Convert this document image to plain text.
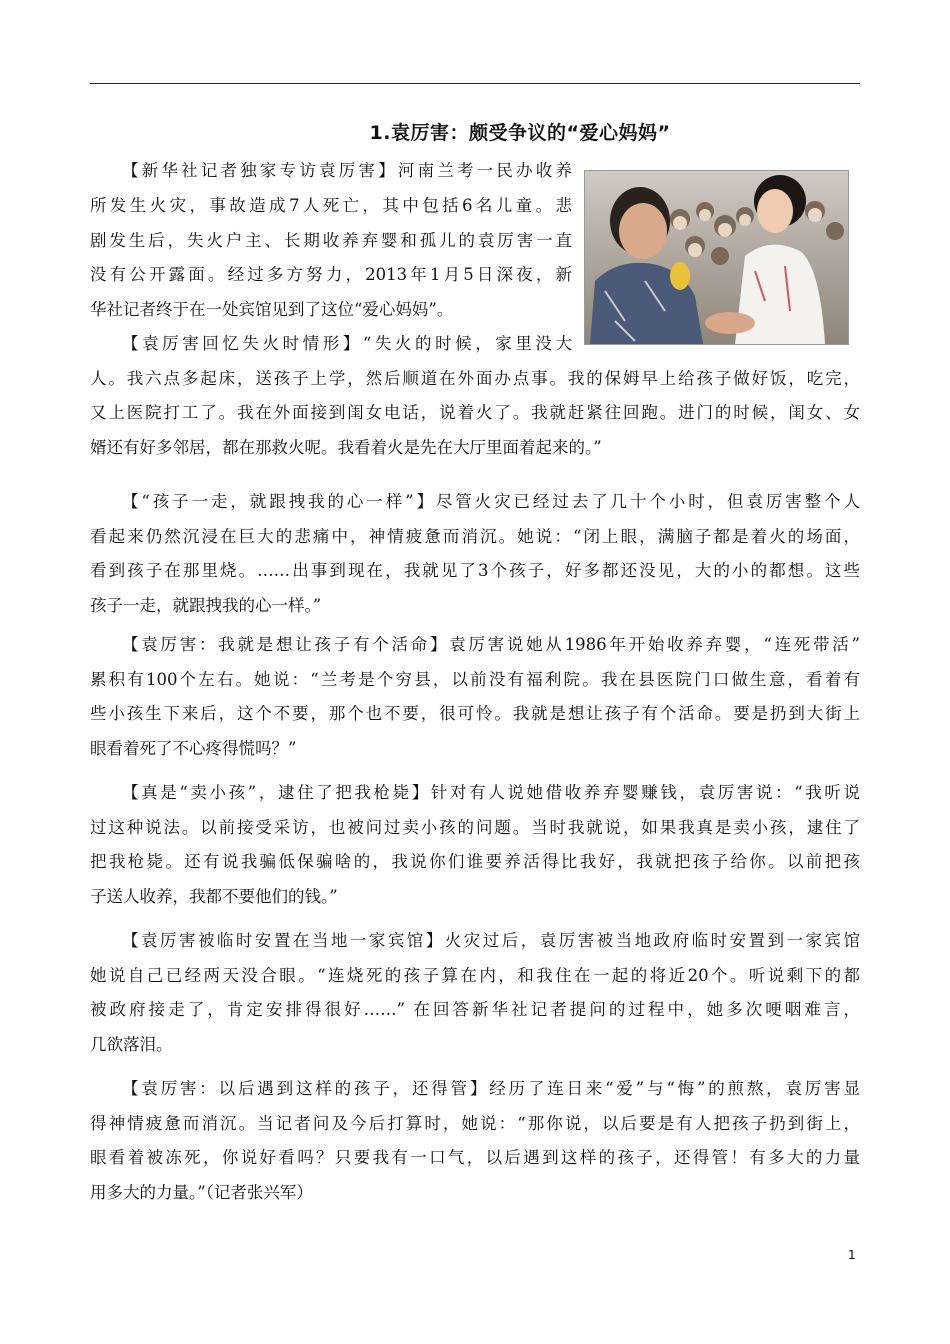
1.袁厉害：颇受争议的“爱心妈妈”
【新华社记者独家专访袁厉害】河南兰考一民办收养
所发生火灾，事故造成7人死亡，其中包括6名儿童。悲
剧发生后，失火户主、长期收养弃婴和孤儿的袁厉害一直
没有公开露面。经过多方努力，2013年1月5日深夜，新
华社记者终于在一处宾馆见到了这位“爱心妈妈”。
【袁厉害回忆失火时情形】“失火的时候，家里没大
人。我六点多起床，送孩子上学，然后顺道在外面办点事。我的保姆早上给孩子做好饭，吃完，
又上医院打工了。我在外面接到闺女电话，说着火了。我就赶紧往回跑。进门的时候，闺女、女
婿还有好多邻居，都在那救火呢。我看着火是先在大厅里面着起来的。”
【“孩子一走，就跟拽我的心一样”】尽管火灾已经过去了几十个小时，但袁厉害整个人
看起来仍然沉浸在巨大的悲痛中，神情疲惫而消沉。她说：“闭上眼，满脑子都是着火的场面，
看到孩子在那里烧。……出事到现在，我就见了3个孩子，好多都还没见，大的小的都想。这些
孩子一走，就跟拽我的心一样。”
【袁厉害：我就是想让孩子有个活命】袁厉害说她从1986年开始收养弃婴，“连死带活”
累积有100个左右。她说：“兰考是个穷县，以前没有福利院。我在县医院门口做生意，看着有
些小孩生下来后，这个不要，那个也不要，很可怜。我就是想让孩子有个活命。要是扔到大街上
眼看着死了不心疼得慌吗？”
【真是“卖小孩”，逮住了把我枪毙】针对有人说她借收养弃婴赚钱，袁厉害说：“我听说
过这种说法。以前接受采访，也被问过卖小孩的问题。当时我就说，如果我真是卖小孩，逮住了
把我枪毙。还有说我骗低保骗啥的，我说你们谁要养活得比我好，我就把孩子给你。以前把孩
子送人收养，我都不要他们的钱。”
【袁厉害被临时安置在当地一家宾馆】火灾过后，袁厉害被当地政府临时安置到一家宾馆
她说自己已经两天没合眼。“连烧死的孩子算在内，和我住在一起的将近20个。听说剩下的都
被政府接走了，肯定安排得很好……” 在回答新华社记者提问的过程中，她多次哽咽难言，
几欲落泪。
【袁厉害：以后遇到这样的孩子，还得管】经历了连日来“爱”与“悔”的煎熬，袁厉害显
得神情疲惫而消沉。当记者问及今后打算时，她说：“那你说，以后要是有人把孩子扔到街上，
眼看着被冻死，你说好看吗？只要我有一口气，以后遇到这样的孩子，还得管！有多大的力量
用多大的力量。”（记者张兴军）
1
